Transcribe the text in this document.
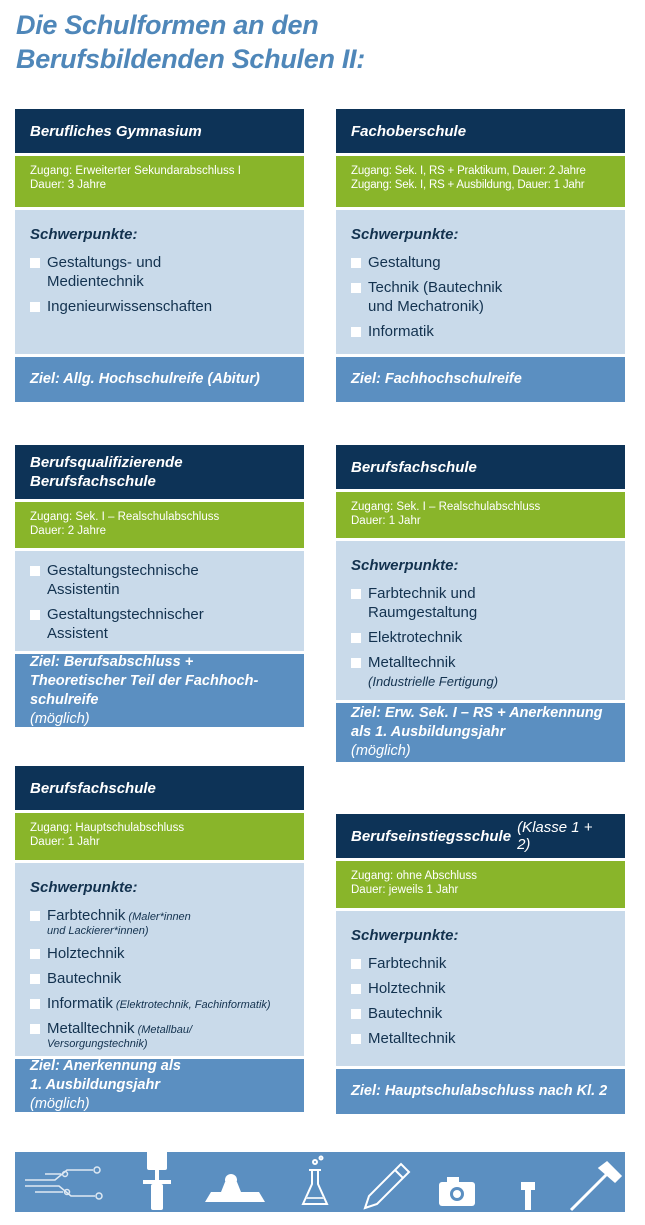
Die Schulformen an den
Berufsbildenden Schulen II:
Berufliches Gymnasium
Zugang: Erweiterter Sekundarabschluss I
Dauer: 3 Jahre
Schwerpunkte:
Gestaltungs- und
Medientechnik
Ingenieurwissenschaften
Ziel: Allg. Hochschulreife (Abitur)
Fachoberschule
Zugang: Sek. I, RS + Praktikum, Dauer: 2 Jahre
Zugang: Sek. I, RS + Ausbildung, Dauer: 1 Jahr
Schwerpunkte:
Gestaltung
Technik (Bautechnik
und Mechatronik)
Informatik
Ziel: Fachhochschulreife
Berufsqualifizierende
Berufsfachschule
Zugang: Sek. I – Realschulabschluss
Dauer: 2 Jahre
Gestaltungstechnische
Assistentin
Gestaltungstechnischer
Assistent
Ziel: Berufsabschluss +
Theoretischer Teil der Fachhoch-
schulreife
(möglich)
Berufsfachschule
Zugang: Sek. I – Realschulabschluss
Dauer: 1 Jahr
Schwerpunkte:
Farbtechnik und
Raumgestaltung
Elektrotechnik
Metalltechnik
(Industrielle Fertigung)
Ziel: Erw. Sek. I – RS + Anerkennung
als 1. Ausbildungsjahr
(möglich)
Berufsfachschule
Zugang: Hauptschulabschluss
Dauer: 1 Jahr
Schwerpunkte:
Farbtechnik (Maler*innen
und Lackierer*innen)
Holztechnik
Bautechnik
Informatik (Elektrotechnik, Fachinformatik)
Metalltechnik (Metallbau/
Versorgungstechnik)
Ziel: Anerkennung als
1. Ausbildungsjahr
(möglich)
Berufseinstiegsschule (Klasse 1 + 2)
Zugang: ohne Abschluss
Dauer: jeweils 1 Jahr
Schwerpunkte:
Farbtechnik
Holztechnik
Bautechnik
Metalltechnik
Ziel: Hauptschulabschluss nach Kl. 2
